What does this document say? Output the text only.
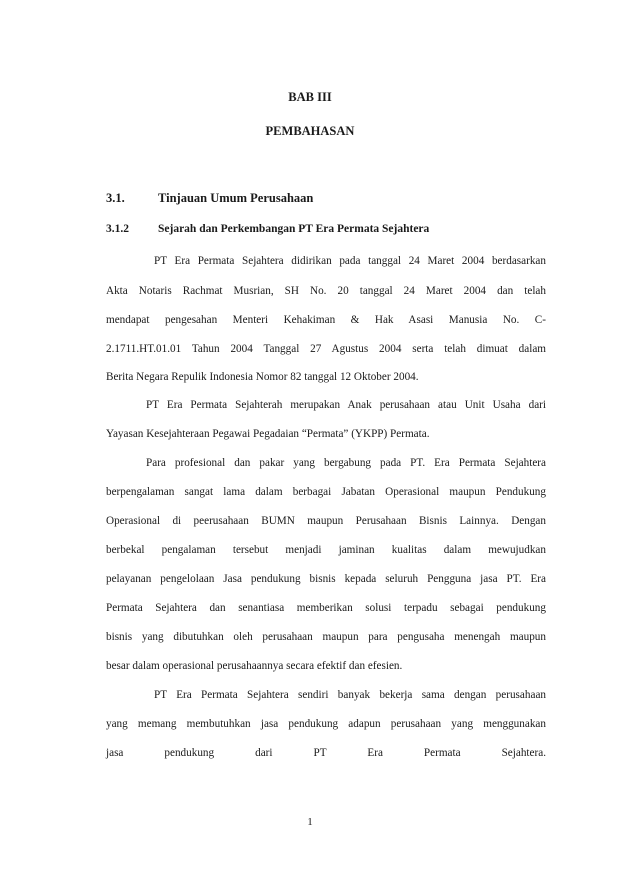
BAB III

PEMBAHASAN

3.1.	Tinjauan Umum Perusahaan

3.1.2	Sejarah dan Perkembangan PT Era Permata Sejahtera

PT Era Permata Sejahtera didirikan pada tanggal 24 Maret 2004 berdasarkan

Akta Notaris Rachmat Musrian, SH No. 20 tanggal 24 Maret 2004 dan telah

mendapat pengesahan Menteri Kehakiman & Hak Asasi Manusia No. C-

2.1711.HT.01.01 Tahun 2004 Tanggal 27 Agustus 2004 serta telah dimuat dalam

Berita Negara Repulik Indonesia Nomor 82 tanggal 12 Oktober 2004.

PT Era Permata Sejahterah merupakan Anak perusahaan atau Unit Usaha dari

Yayasan Kesejahteraan Pegawai Pegadaian “Permata” (YKPP) Permata.

Para profesional dan pakar yang bergabung pada PT. Era Permata Sejahtera

berpengalaman sangat lama dalam berbagai Jabatan Operasional maupun Pendukung

Operasional di peerusahaan BUMN maupun Perusahaan Bisnis Lainnya. Dengan

berbekal pengalaman tersebut menjadi jaminan kualitas dalam mewujudkan

pelayanan pengelolaan Jasa pendukung bisnis kepada seluruh Pengguna jasa PT. Era

Permata Sejahtera dan senantiasa memberikan solusi terpadu sebagai pendukung

bisnis yang dibutuhkan oleh perusahaan maupun para pengusaha menengah maupun

besar dalam operasional perusahaannya secara efektif dan efesien.

PT Era Permata Sejahtera sendiri banyak bekerja sama dengan perusahaan

yang memang membutuhkan jasa pendukung adapun perusahaan yang menggunakan

jasa pendukung dari PT Era Permata Sejahtera.

1
